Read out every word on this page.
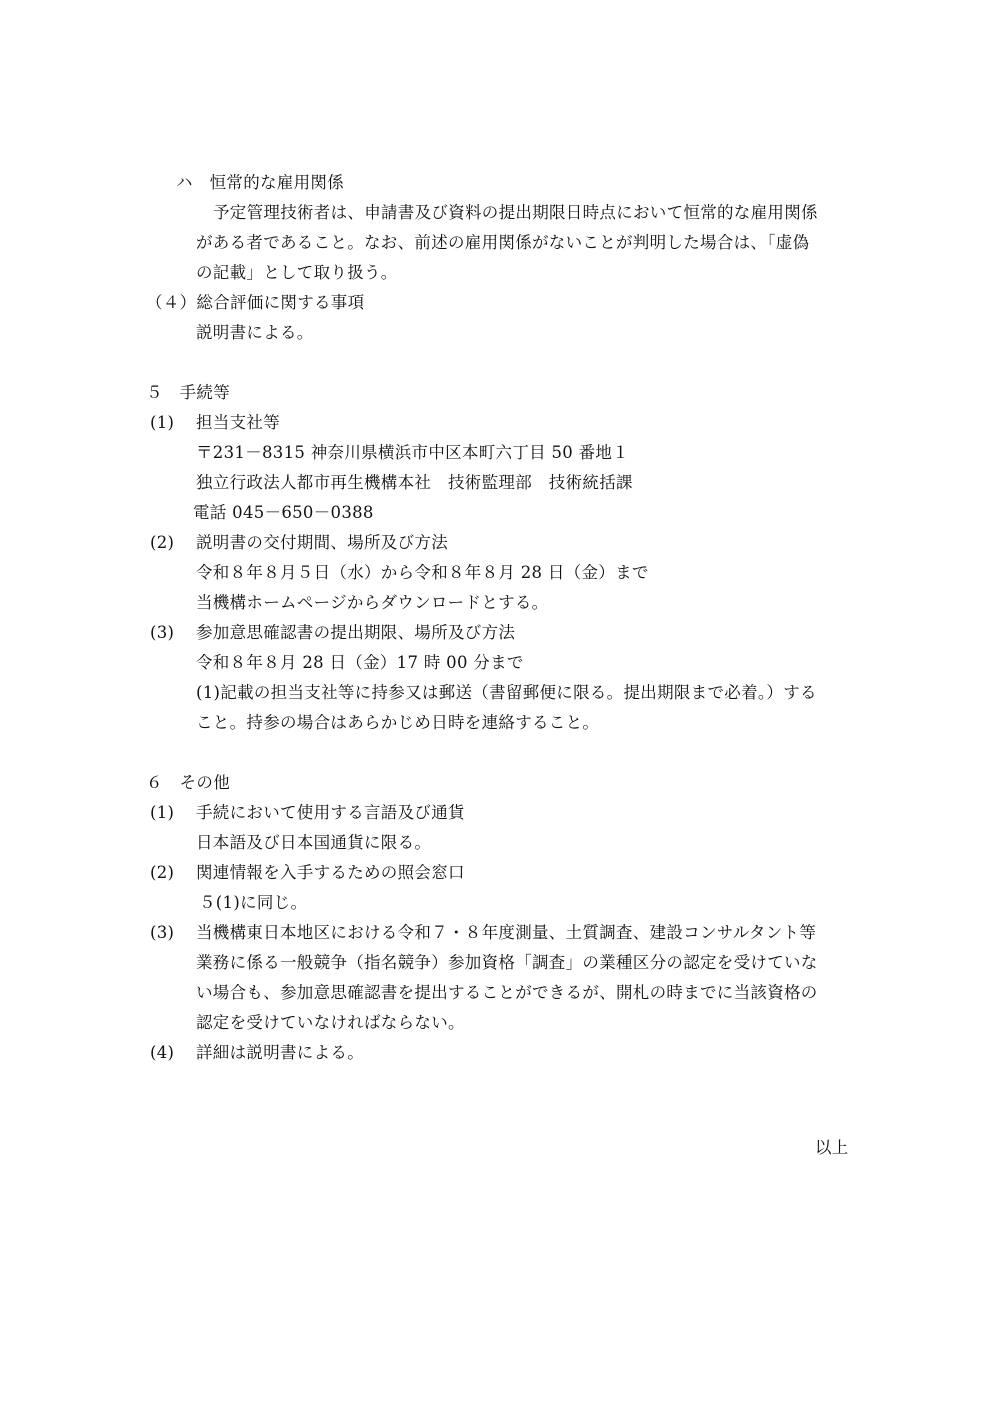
ハ　恒常的な雇用関係
予定管理技術者は、申請書及び資料の提出期限日時点において恒常的な雇用関係
がある者であること。なお、前述の雇用関係がないことが判明した場合は、「虚偽
の記載」として取り扱う。
（４）総合評価に関する事項
説明書による。
５　手続等
(1) 担当支社等
〒231－8315 神奈川県横浜市中区本町六丁目 50 番地１
独立行政法人都市再生機構本社　技術監理部　技術統括課
電話 045－650－0388
(2) 説明書の交付期間、場所及び方法
令和８年８月５日（水）から令和８年８月 28 日（金）まで
当機構ホームページからダウンロードとする。
(3) 参加意思確認書の提出期限、場所及び方法
令和８年８月 28 日（金）17 時 00 分まで
(1)記載の担当支社等に持参又は郵送（書留郵便に限る。提出期限まで必着。）する
こと。持参の場合はあらかじめ日時を連絡すること。
６　その他
(1) 手続において使用する言語及び通貨
日本語及び日本国通貨に限る。
(2) 関連情報を入手するための照会窓口
５(1)に同じ。
(3) 当機構東日本地区における令和７・８年度測量、土質調査、建設コンサルタント等
業務に係る一般競争（指名競争）参加資格「調査」の業種区分の認定を受けていな
い場合も、参加意思確認書を提出することができるが、開札の時までに当該資格の
認定を受けていなければならない。
(4) 詳細は説明書による。
以上
